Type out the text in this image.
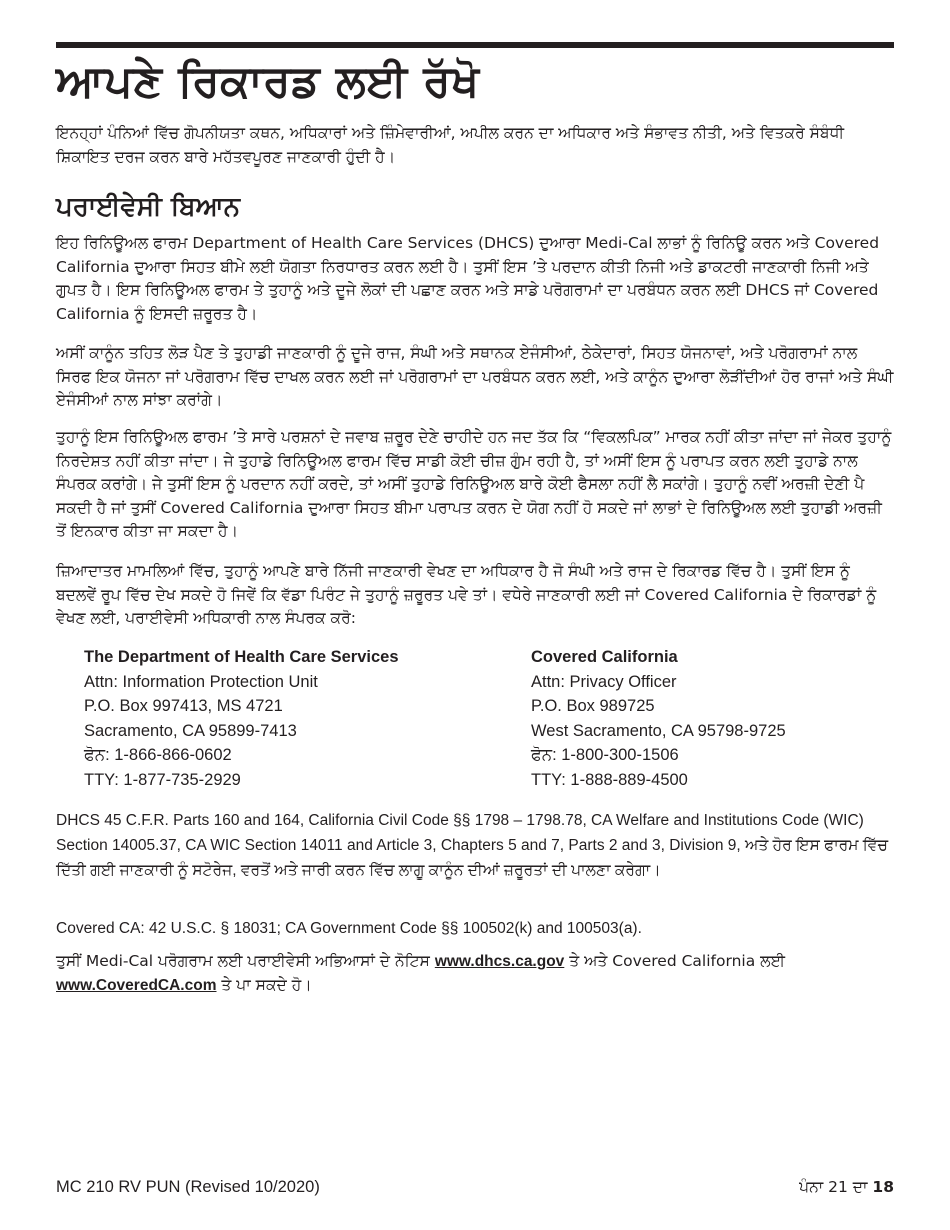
ਆਪਣੇ ਰਿਕਾਰਡ ਲਈ ਰੱਖੋ

ਇਨਹ੍ਹਾਂ ਪੰਨਿਆਂ ਵਿੱਚ ਗੋਪਨੀਯਤਾ ਕਥਨ, ਅਧਿਕਾਰਾਂ ਅਤੇ ਜ਼ਿੰਮੇਵਾਰੀਆਂ, ਅਪੀਲ ਕਰਨ ਦਾ ਅਧਿਕਾਰ ਅਤੇ ਸੰਭਾਵਤ ਨੀਤੀ, ਅਤੇ ਵਿਤਕਰੇ ਸੰਬੰਧੀ ਸ਼ਿਕਾਇਤ ਦਰਜ ਕਰਨ ਬਾਰੇ ਮਹੱਤਵਪੂਰਣ ਜਾਣਕਾਰੀ ਹੁੰਦੀ ਹੈ।

ਪਰਾਈਵੇਸੀ ਬਿਆਨ

ਇਹ ਰਿਨਿਊਅਲ ਫਾਰਮ Department of Health Care Services (DHCS) ਦੁਆਰਾ Medi-Cal ਲਾਭਾਂ ਨੂੰ ਰਿਨਿਊ ਕਰਨ ਅਤੇ Covered California ਦੁਆਰਾ ਸਿਹਤ ਬੀਮੇ ਲਈ ਯੋਗਤਾ ਨਿਰਧਾਰਤ ਕਰਨ ਲਈ ਹੈ। ਤੁਸੀਂ ਇਸ ’ਤੇ ਪਰਦਾਨ ਕੀਤੀ ਨਿਜੀ ਅਤੇ ਡਾਕਟਰੀ ਜਾਣਕਾਰੀ ਨਿਜੀ ਅਤੇ ਗੁਪਤ ਹੈ। ਇਸ ਰਿਨਿਊਅਲ ਫਾਰਮ ਤੇ ਤੁਹਾਨੂੰ ਅਤੇ ਦੂਜੇ ਲੋਕਾਂ ਦੀ ਪਛਾਣ ਕਰਨ ਅਤੇ ਸਾਡੇ ਪਰੋਗਰਾਮਾਂ ਦਾ ਪਰਬੰਧਨ ਕਰਨ ਲਈ DHCS ਜਾਂ Covered California ਨੂੰ ਇਸਦੀ ਜ਼ਰੂਰਤ ਹੈ।

ਅਸੀਂ ਕਾਨੂੰਨ ਤਹਿਤ ਲੋੜ ਪੈਣ ਤੇ ਤੁਹਾਡੀ ਜਾਣਕਾਰੀ ਨੂੰ ਦੂਜੇ ਰਾਜ, ਸੰਘੀ ਅਤੇ ਸਥਾਨਕ ਏਜੰਸੀਆਂ, ਠੇਕੇਦਾਰਾਂ, ਸਿਹਤ ਯੋਜਨਾਵਾਂ, ਅਤੇ ਪਰੋਗਰਾਮਾਂ ਨਾਲ ਸਿਰਫ ਇਕ ਯੋਜਨਾ ਜਾਂ ਪਰੋਗਰਾਮ ਵਿੱਚ ਦਾਖਲ ਕਰਨ ਲਈ ਜਾਂ ਪਰੋਗਰਾਮਾਂ ਦਾ ਪਰਬੰਧਨ ਕਰਨ ਲਈ, ਅਤੇ ਕਾਨੂੰਨ ਦੁਆਰਾ ਲੋੜੀਂਦੀਆਂ ਹੋਰ ਰਾਜਾਂ ਅਤੇ ਸੰਘੀ ਏਜੰਸੀਆਂ ਨਾਲ ਸਾਂਝਾ ਕਰਾਂਗੇ।

ਤੁਹਾਨੂੰ ਇਸ ਰਿਨਿਊਅਲ ਫਾਰਮ ’ਤੇ ਸਾਰੇ ਪਰਸ਼ਨਾਂ ਦੇ ਜਵਾਬ ਜ਼ਰੂਰ ਦੇਣੇ ਚਾਹੀਦੇ ਹਨ ਜਦ ਤੱਕ ਕਿ “ਵਿਕਲਪਿਕ” ਮਾਰਕ ਨਹੀਂ ਕੀਤਾ ਜਾਂਦਾ ਜਾਂ ਜੇਕਰ ਤੁਹਾਨੂੰ ਨਿਰਦੇਸ਼ਤ ਨਹੀਂ ਕੀਤਾ ਜਾਂਦਾ। ਜੇ ਤੁਹਾਡੇ ਰਿਨਿਊਅਲ ਫਾਰਮ ਵਿੱਚ ਸਾਡੀ ਕੋਈ ਚੀਜ਼ ਗੁੰਮ ਰਹੀ ਹੈ, ਤਾਂ ਅਸੀਂ ਇਸ ਨੂੰ ਪਰਾਪਤ ਕਰਨ ਲਈ ਤੁਹਾਡੇ ਨਾਲ ਸੰਪਰਕ ਕਰਾਂਗੇ। ਜੇ ਤੁਸੀਂ ਇਸ ਨੂੰ ਪਰਦਾਨ ਨਹੀਂ ਕਰਦੇ, ਤਾਂ ਅਸੀਂ ਤੁਹਾਡੇ ਰਿਨਿਊਅਲ ਬਾਰੇ ਕੋਈ ਫੈਸਲਾ ਨਹੀਂ ਲੈ ਸਕਾਂਗੇ। ਤੁਹਾਨੂੰ ਨਵੀਂ ਅਰਜ਼ੀ ਦੇਣੀ ਪੈ ਸਕਦੀ ਹੈ ਜਾਂ ਤੁਸੀਂ Covered California ਦੁਆਰਾ ਸਿਹਤ ਬੀਮਾ ਪਰਾਪਤ ਕਰਨ ਦੇ ਯੋਗ ਨਹੀਂ ਹੋ ਸਕਦੇ ਜਾਂ ਲਾਭਾਂ ਦੇ ਰਿਨਿਊਅਲ ਲਈ ਤੁਹਾਡੀ ਅਰਜ਼ੀ ਤੋਂ ਇਨਕਾਰ ਕੀਤਾ ਜਾ ਸਕਦਾ ਹੈ।

ਜ਼ਿਆਦਾਤਰ ਮਾਮਲਿਆਂ ਵਿੱਚ, ਤੁਹਾਨੂੰ ਆਪਣੇ ਬਾਰੇ ਨਿੱਜੀ ਜਾਣਕਾਰੀ ਵੇਖਣ ਦਾ ਅਧਿਕਾਰ ਹੈ ਜੋ ਸੰਘੀ ਅਤੇ ਰਾਜ ਦੇ ਰਿਕਾਰਡ ਵਿੱਚ ਹੈ। ਤੁਸੀਂ ਇਸ ਨੂੰ ਬਦਲਵੇਂ ਰੂਪ ਵਿੱਚ ਦੇਖ ਸਕਦੇ ਹੋ ਜਿਵੇਂ ਕਿ ਵੱਡਾ ਪਿਰੰਟ ਜੇ ਤੁਹਾਨੂੰ ਜ਼ਰੂਰਤ ਪਵੇ ਤਾਂ। ਵਧੇਰੇ ਜਾਣਕਾਰੀ ਲਈ ਜਾਂ Covered California ਦੇ ਰਿਕਾਰਡਾਂ ਨੂੰ ਵੇਖਣ ਲਈ, ਪਰਾਈਵੇਸੀ ਅਧਿਕਾਰੀ ਨਾਲ ਸੰਪਰਕ ਕਰੋ:

The Department of Health Care Services
Attn: Information Protection Unit
P.O. Box 997413, MS 4721
Sacramento, CA 95899-7413
ਫੋਨ: 1-866-866-0602
TTY: 1-877-735-2929
Covered California
Attn: Privacy Officer
P.O. Box 989725
West Sacramento, CA 95798-9725
ਫੋਨ: 1-800-300-1506
TTY: 1-888-889-4500

DHCS 45 C.F.R. Parts 160 and 164, California Civil Code §§ 1798 – 1798.78, CA Welfare and Institutions Code (WIC) Section 14005.37, CA WIC Section 14011 and Article 3, Chapters 5 and 7, Parts 2 and 3, Division 9, ਅਤੇ ਹੋਰ ਇਸ ਫਾਰਮ ਵਿੱਚ ਦਿੱਤੀ ਗਈ ਜਾਣਕਾਰੀ ਨੂੰ ਸਟੋਰੇਜ, ਵਰਤੋਂ ਅਤੇ ਜਾਰੀ ਕਰਨ ਵਿੱਚ ਲਾਗੂ ਕਾਨੂੰਨ ਦੀਆਂ ਜ਼ਰੂਰਤਾਂ ਦੀ ਪਾਲਣਾ ਕਰੇਗਾ।

Covered CA: 42 U.S.C. § 18031; CA Government Code §§ 100502(k) and 100503(a).

ਤੁਸੀਂ Medi-Cal ਪਰੋਗਰਾਮ ਲਈ ਪਰਾਈਵੇਸੀ ਅਭਿਆਸਾਂ ਦੇ ਨੋਟਿਸ www.dhcs.ca.gov ਤੇ ਅਤੇ Covered California ਲਈ www.CoveredCA.com ਤੇ ਪਾ ਸਕਦੇ ਹੋ।

MC 210 RV PUN (Revised 10/2020)	ਪੰਨਾ 21 ਦਾ 18
